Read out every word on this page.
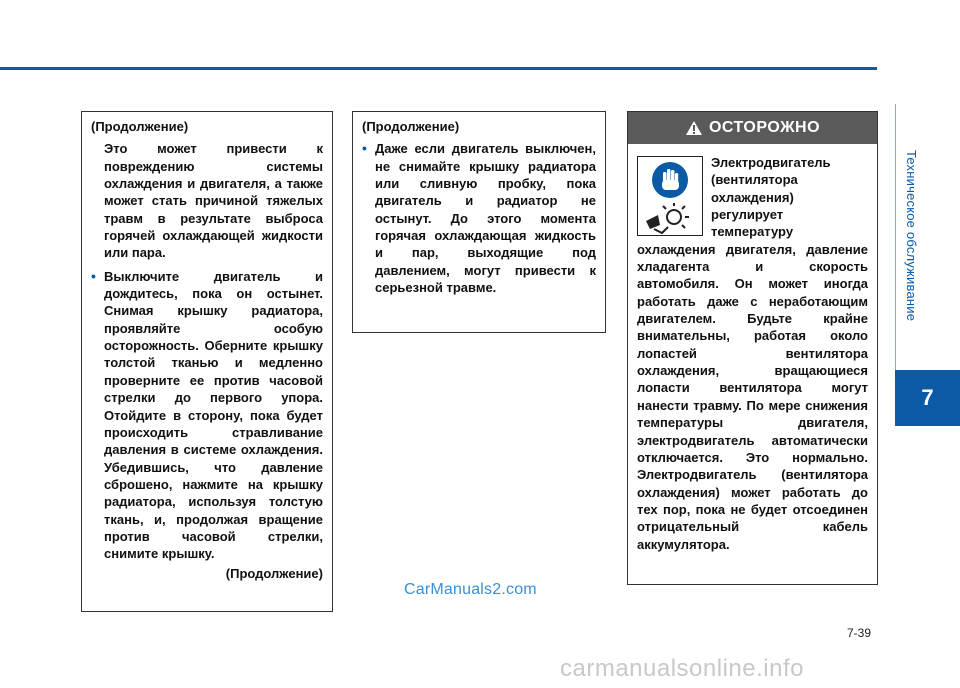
Техническое обслуживание
7
(Продолжение)
Это может привести к повреждению системы охлаждения и двигателя, а также может стать причиной тяжелых травм в результате выброса горячей охлаждающей жидкости или пара.
• Выключите двигатель и дождитесь, пока он остынет. Снимая крышку радиатора, проявляйте особую осторожность. Оберните крышку толстой тканью и медленно проверните ее против часовой стрелки до первого упора. Отойдите в сторону, пока будет происходить стравливание давления в системе охлаждения. Убедившись, что давление сброшено, нажмите на крышку радиатора, используя толстую ткань, и, продолжая вращение против часовой стрелки, снимите крышку.
(Продолжение)
(Продолжение)
• Даже если двигатель выключен, не снимайте крышку радиатора или сливную пробку, пока двигатель и радиатор не остынут. До этого момента горячая охлаждающая жидкость и пар, выходящие под давлением, могут привести к серьезной травме.
ОСТОРОЖНО
Электродвигатель (вентилятора охлаждения) регулирует температуру охлаждения двигателя, давление хладагента и скорость автомобиля. Он может иногда работать даже с неработающим двигателем. Будьте крайне внимательны, работая около лопастей вентилятора охлаждения, вращающиеся лопасти вентилятора могут нанести травму. По мере снижения температуры двигателя, электродвигатель автоматически отключается. Это нормально. Электродвигатель (вентилятора охлаждения) может работать до тех пор, пока не будет отсоединен отрицательный кабель аккумулятора.
7-39
CarManuals2.com
carmanualsonline.info
